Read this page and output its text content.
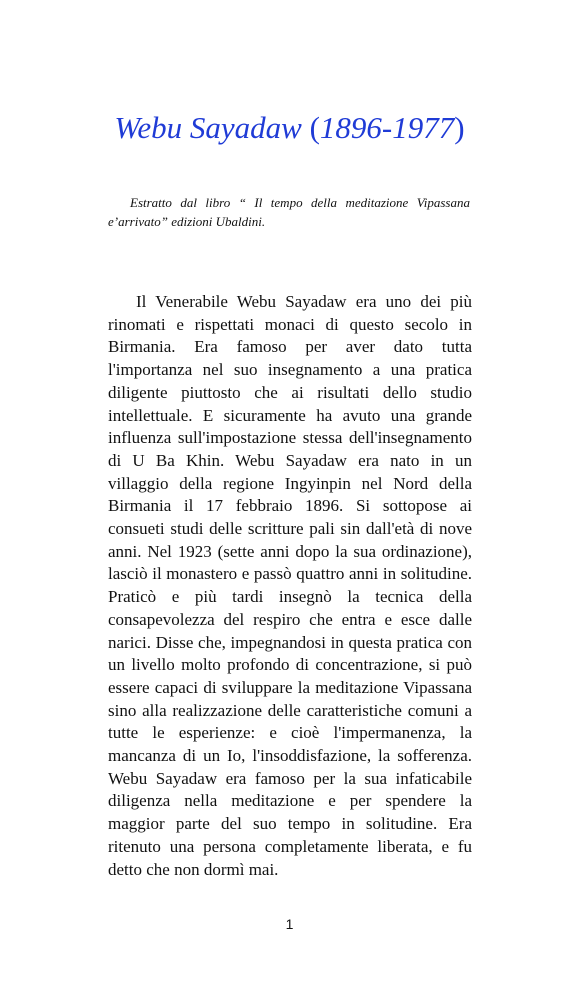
Webu Sayadaw (1896-1977)

Estratto dal libro “ Il tempo della meditazione Vipassana e’arrivato” edizioni Ubaldini.

Il Venerabile Webu Sayadaw era uno dei più rinomati e rispettati monaci di questo secolo in Birmania. Era famoso per aver dato tutta l'importanza nel suo insegnamento a una pratica diligente piuttosto che ai risultati dello studio intellettuale. E sicuramente ha avuto una grande influenza sull'impostazione stessa dell'insegnamento di U Ba Khin. Webu Sayadaw era nato in un villaggio della regione Ingyinpin nel Nord della Birmania il 17 febbraio 1896. Si sottopose ai consueti studi delle scritture pali sin dall'età di nove anni. Nel 1923 (sette anni dopo la sua ordinazione), lasciò il monastero e passò quattro anni in solitudine. Praticò e più tardi insegnò la tecnica della consapevolezza del respiro che entra e esce dalle narici. Disse che, impegnandosi in questa pratica con un livello molto profondo di concentrazione, si può essere capaci di sviluppare la meditazione Vipassana sino alla realizzazione delle caratteristiche comuni a tutte le esperienze: e cioè l'impermanenza, la mancanza di un Io, l'insoddisfazione, la sofferenza. Webu Sayadaw era famoso per la sua infaticabile diligenza nella meditazione e per spendere la maggior parte del suo tempo in solitudine. Era ritenuto una persona completamente liberata, e fu detto che non dormì mai.

1
